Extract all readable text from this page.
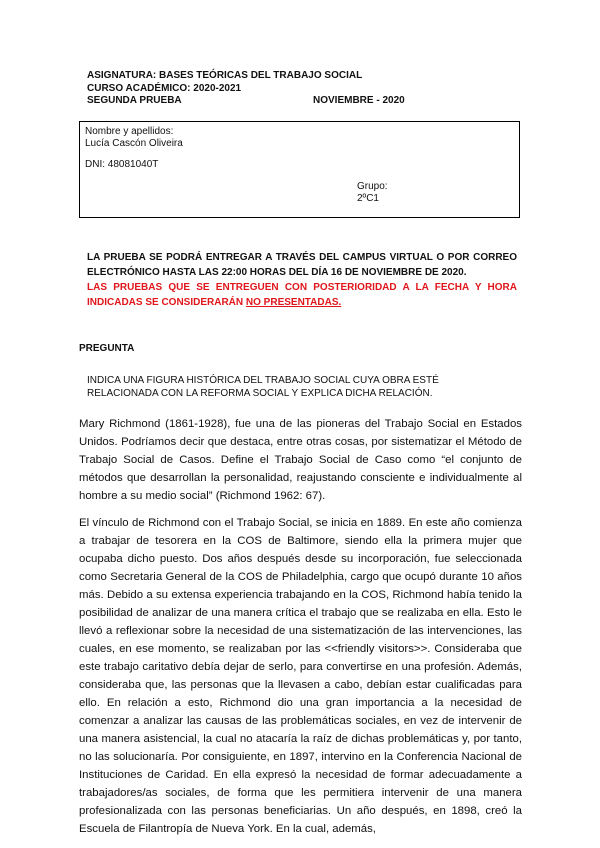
ASIGNATURA: BASES TEÓRICAS DEL TRABAJO SOCIAL
CURSO ACADÉMICO: 2020-2021
SEGUNDA PRUEBA	NOVIEMBRE - 2020
Nombre y apellidos:
Lucía Cascón Oliveira
DNI: 48081040T
Grupo:
2ºC1
LA PRUEBA SE PODRÁ ENTREGAR A TRAVÉS DEL CAMPUS VIRTUAL O POR CORREO ELECTRÓNICO HASTA LAS 22:00 HORAS DEL DÍA 16 DE NOVIEMBRE DE 2020.
LAS PRUEBAS QUE SE ENTREGUEN CON POSTERIORIDAD A LA FECHA Y HORA INDICADAS SE CONSIDERARÁN NO PRESENTADAS.
PREGUNTA
INDICA UNA FIGURA HISTÓRICA DEL TRABAJO SOCIAL CUYA OBRA ESTÉ RELACIONADA CON LA REFORMA SOCIAL Y EXPLICA DICHA RELACIÓN.
Mary Richmond (1861-1928), fue una de las pioneras del Trabajo Social en Estados Unidos. Podríamos decir que destaca, entre otras cosas, por sistematizar el Método de Trabajo Social de Casos. Define el Trabajo Social de Caso como “el conjunto de métodos que desarrollan la personalidad, reajustando consciente e individualmente al hombre a su medio social” (Richmond 1962: 67).
El vínculo de Richmond con el Trabajo Social, se inicia en 1889. En este año comienza a trabajar de tesorera en la COS de Baltimore, siendo ella la primera mujer que ocupaba dicho puesto. Dos años después desde su incorporación, fue seleccionada como Secretaria General de la COS de Philadelphia, cargo que ocupó durante 10 años más. Debido a su extensa experiencia trabajando en la COS, Richmond había tenido la posibilidad de analizar de una manera crítica el trabajo que se realizaba en ella. Esto le llevó a reflexionar sobre la necesidad de una sistematización de las intervenciones, las cuales, en ese momento, se realizaban por las <<friendly visitors>>. Consideraba que este trabajo caritativo debía dejar de serlo, para convertirse en una profesión. Además, consideraba que, las personas que la llevasen a cabo, debían estar cualificadas para ello. En relación a esto, Richmond dio una gran importancia a la necesidad de comenzar a analizar las causas de las problemáticas sociales, en vez de intervenir de una manera asistencial, la cual no atacaría la raíz de dichas problemáticas y, por tanto, no las solucionaría. Por consiguiente, en 1897, intervino en la Conferencia Nacional de Instituciones de Caridad. En ella expresó la necesidad de formar adecuadamente a trabajadores/as sociales, de forma que les permitiera intervenir de una manera profesionalizada con las personas beneficiarias. Un año después, en 1898, creó la Escuela de Filantropía de Nueva York. En la cual, además,
